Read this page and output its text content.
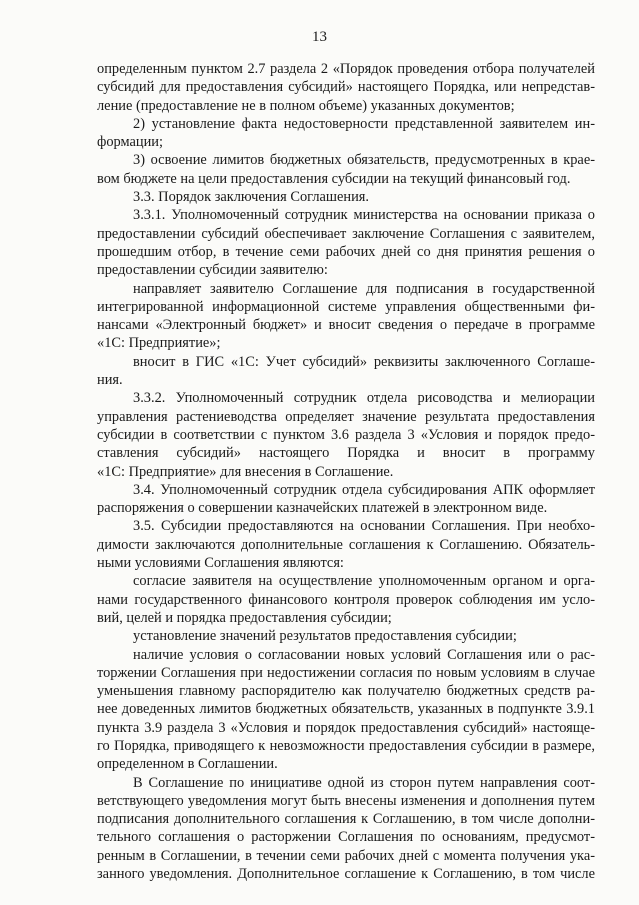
13
определенным пунктом 2.7 раздела 2 «Порядок проведения отбора получателей
субсидий для предоставления субсидий» настоящего Порядка, или непредстав-
ление (предоставление не в полном объеме) указанных документов;
2) установление факта недостоверности представленной заявителем ин-
формации;
3) освоение лимитов бюджетных обязательств, предусмотренных в крае-
вом бюджете на цели предоставления субсидии на текущий финансовый год.
3.3. Порядок заключения Соглашения.
3.3.1. Уполномоченный сотрудник министерства на основании приказа о
предоставлении субсидий обеспечивает заключение Соглашения с заявителем,
прошедшим отбор, в течение семи рабочих дней со дня принятия решения о
предоставлении субсидии заявителю:
направляет заявителю Соглашение для подписания в государственной
интегрированной информационной системе управления общественными фи-
нансами «Электронный бюджет» и вносит сведения о передаче в программе
«1С: Предприятие»;
вносит в ГИС «1С: Учет субсидий» реквизиты заключенного Соглаше-
ния.
3.3.2. Уполномоченный сотрудник отдела рисоводства и мелиорации
управления растениеводства определяет значение результата предоставления
субсидии в соответствии с пунктом 3.6 раздела 3 «Условия и порядок предо-
ставления субсидий» настоящего Порядка и вносит в программу
«1С: Предприятие» для внесения в Соглашение.
3.4. Уполномоченный сотрудник отдела субсидирования АПК оформляет
распоряжения о совершении казначейских платежей в электронном виде.
3.5. Субсидии предоставляются на основании Соглашения. При необхо-
димости заключаются дополнительные соглашения к Соглашению. Обязатель-
ными условиями Соглашения являются:
согласие заявителя на осуществление уполномоченным органом и орга-
нами государственного финансового контроля проверок соблюдения им усло-
вий, целей и порядка предоставления субсидии;
установление значений результатов предоставления субсидии;
наличие условия о согласовании новых условий Соглашения или о рас-
торжении Соглашения при недостижении согласия по новым условиям в случае
уменьшения главному распорядителю как получателю бюджетных средств ра-
нее доведенных лимитов бюджетных обязательств, указанных в подпункте 3.9.1
пункта 3.9 раздела 3 «Условия и порядок предоставления субсидий» настояще-
го Порядка, приводящего к невозможности предоставления субсидии в размере,
определенном в Соглашении.
В Соглашение по инициативе одной из сторон путем направления соот-
ветствующего уведомления могут быть внесены изменения и дополнения путем
подписания дополнительного соглашения к Соглашению, в том числе дополни-
тельного соглашения о расторжении Соглашения по основаниям, предусмот-
ренным в Соглашении, в течении семи рабочих дней с момента получения ука-
занного уведомления. Дополнительное соглашение к Соглашению, в том числе
